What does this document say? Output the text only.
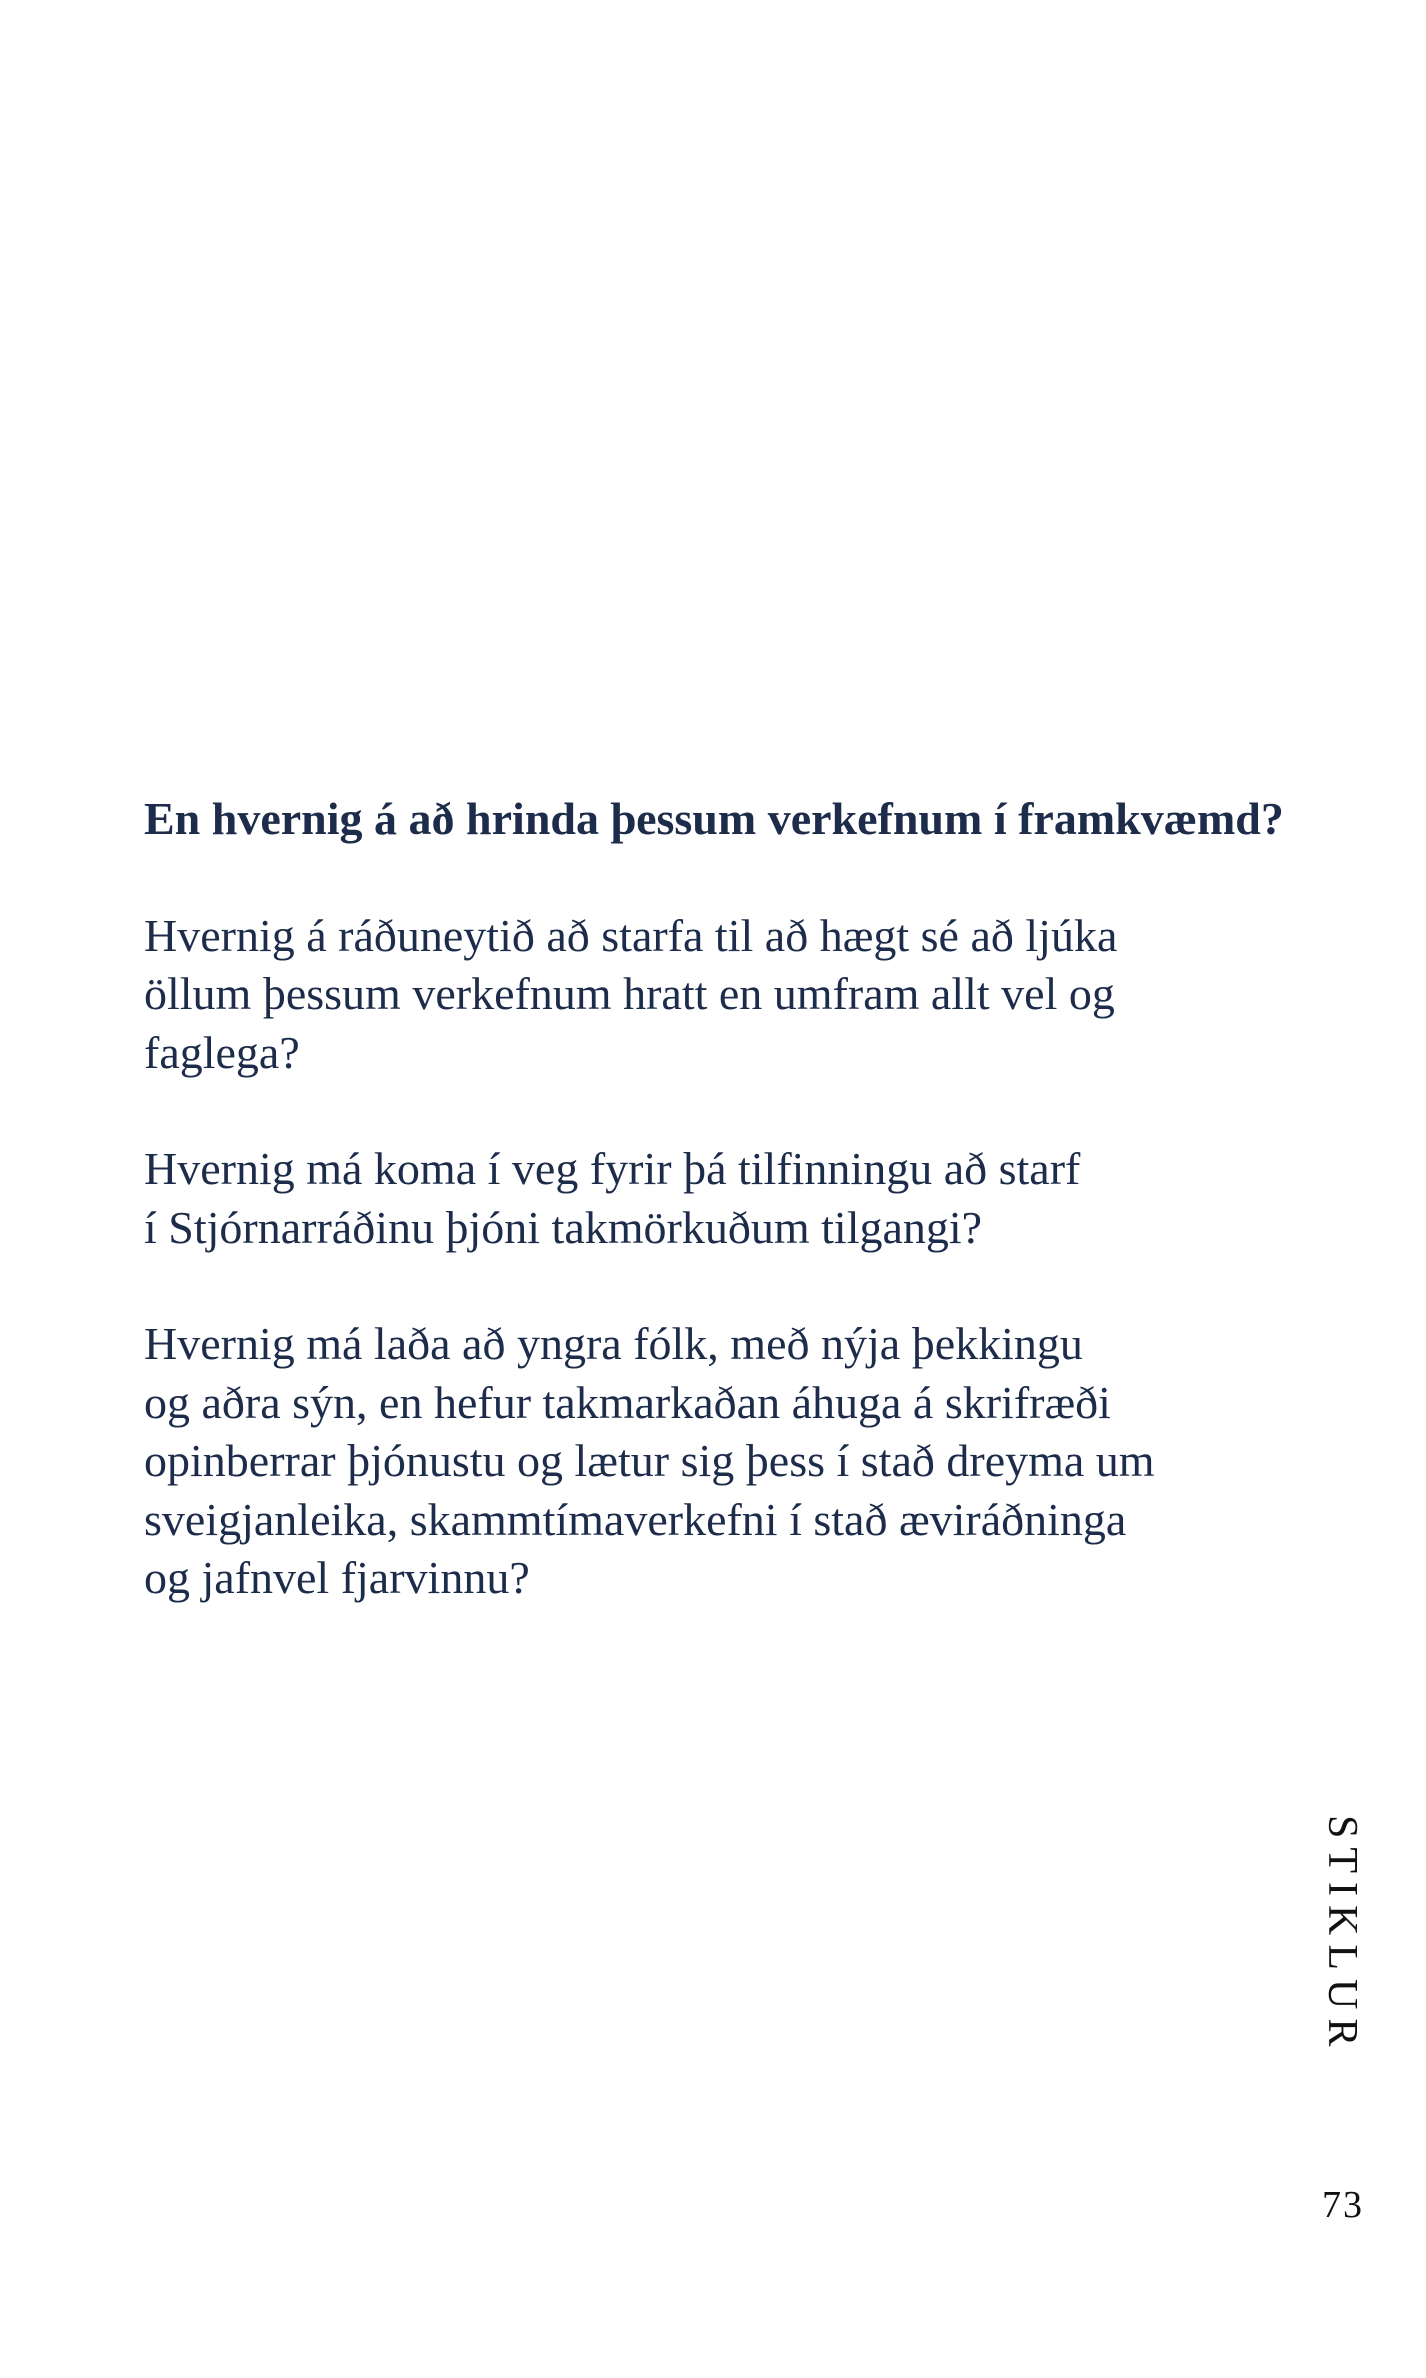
En hvernig á að hrinda þessum verkefnum í framkvæmd?

Hvernig á ráðuneytið að starfa til að hægt sé að ljúka
öllum þessum verkefnum hratt en umfram allt vel og
faglega?

Hvernig má koma í veg fyrir þá tilfinningu að starf
í Stjórnarráðinu þjóni takmörkuðum tilgangi?

Hvernig má laða að yngra fólk, með nýja þekkingu
og aðra sýn, en hefur takmarkaðan áhuga á skrifræði
opinberrar þjónustu og lætur sig þess í stað dreyma um
sveigjanleika, skammtímaverkefni í stað æviráðninga
og jafnvel fjarvinnu?

STIKLUR
73
